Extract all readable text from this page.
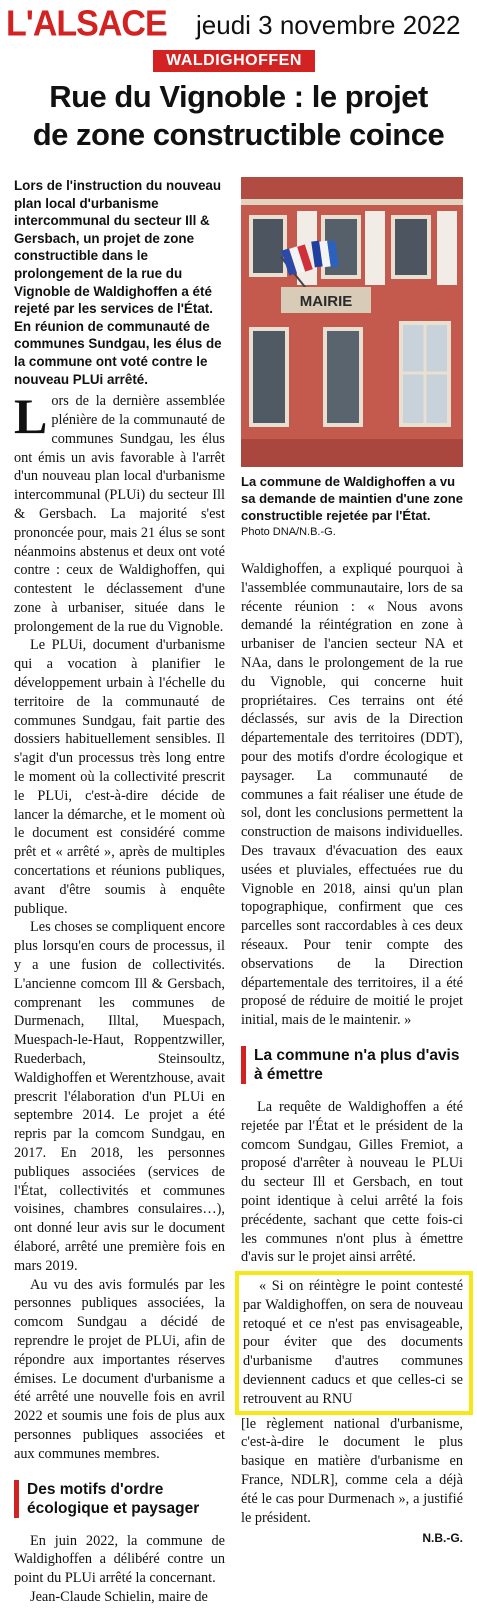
L'ALSACE jeudi 3 novembre 2022
WALDIGHOFFEN
Rue du Vignoble : le projet
de zone constructible coince

Lors de l'instruction du nouveau plan local d'urbanisme intercommunal du secteur Ill & Gersbach, un projet de zone constructible dans le prolongement de la rue du Vignoble de Waldighoffen a été rejeté par les services de l'État. En réunion de communauté de communes Sundgau, les élus de la commune ont voté contre le nouveau PLUi arrêté.

Lors de la dernière assemblée plénière de la communauté de communes Sundgau, les élus ont émis un avis favorable à l'arrêt d'un nouveau plan local d'urbanisme intercommunal (PLUi) du secteur Ill & Gersbach. La majorité s'est prononcée pour, mais 21 élus se sont néanmoins abstenus et deux ont voté contre : ceux de Waldighoffen, qui contestent le déclassement d'une zone à urbaniser, située dans le prolongement de la rue du Vignoble.

Le PLUi, document d'urbanisme qui a vocation à planifier le développement urbain à l'échelle du territoire de la communauté de communes Sundgau, fait partie des dossiers habituellement sensibles. Il s'agit d'un processus très long entre le moment où la collectivité prescrit le PLUi, c'est-à-dire décide de lancer la démarche, et le moment où le document est considéré comme prêt et « arrêté », après de multiples concertations et réunions publiques, avant d'être soumis à enquête publique.

Les choses se compliquent encore plus lorsqu'en cours de processus, il y a une fusion de collectivités. L'ancienne comcom Ill & Gersbach, comprenant les communes de Durmenach, Illtal, Muespach, Muespach-le-Haut, Roppentzwiller, Ruederbach, Steinsoultz, Waldighoffen et Werentzhouse, avait prescrit l'élaboration d'un PLUi en septembre 2014. Le projet a été repris par la comcom Sundgau, en 2017. En 2018, les personnes publiques associées (services de l'État, collectivités et communes voisines, chambres consulaires…), ont donné leur avis sur le document élaboré, arrêté une première fois en mars 2019.

Au vu des avis formulés par les personnes publiques associées, la comcom Sundgau a décidé de reprendre le projet de PLUi, afin de répondre aux importantes réserves émises. Le document d'urbanisme a été arrêté une nouvelle fois en avril 2022 et soumis une fois de plus aux personnes publiques associées et aux communes membres.

Des motifs d'ordre écologique et paysager

En juin 2022, la commune de Waldighoffen a délibéré contre un point du PLUi arrêté la concernant.

Jean-Claude Schielin, maire de

MAIRIE

La commune de Waldighoffen a vu sa demande de maintien d'une zone constructible rejetée par l'État.

Photo DNA/N.B.-G.

Waldighoffen, a expliqué pourquoi à l'assemblée communautaire, lors de sa récente réunion : « Nous avons demandé la réintégration en zone à urbaniser de l'ancien secteur NA et NAa, dans le prolongement de la rue du Vignoble, qui concerne huit propriétaires. Ces terrains ont été déclassés, sur avis de la Direction départementale des territoires (DDT), pour des motifs d'ordre écologique et paysager. La communauté de communes a fait réaliser une étude de sol, dont les conclusions permettent la construction de maisons individuelles. Des travaux d'évacuation des eaux usées et pluviales, effectuées rue du Vignoble en 2018, ainsi qu'un plan topographique, confirment que ces parcelles sont raccordables à ces deux réseaux. Pour tenir compte des observations de la Direction départementale des territoires, il a été proposé de réduire de moitié le projet initial, mais de le maintenir. »

La commune n'a plus d'avis à émettre

La requête de Waldighoffen a été rejetée par l'État et le président de la comcom Sundgau, Gilles Fremiot, a proposé d'arrêter à nouveau le PLUi du secteur Ill et Gersbach, en tout point identique à celui arrêté la fois précédente, sachant que cette fois-ci les communes n'ont plus à émettre d'avis sur le projet ainsi arrêté.

« Si on réintègre le point contesté par Waldighoffen, on sera de nouveau retoqué et ce n'est pas envisageable, pour éviter que des documents d'urbanisme d'autres communes deviennent caducs et que celles-ci se retrouvent au RNU

[le règlement national d'urbanisme, c'est-à-dire le document le plus basique en matière d'urbanisme en France, NDLR], comme cela a déjà été le cas pour Durmenach », a justifié le président.

N.B.-G.
